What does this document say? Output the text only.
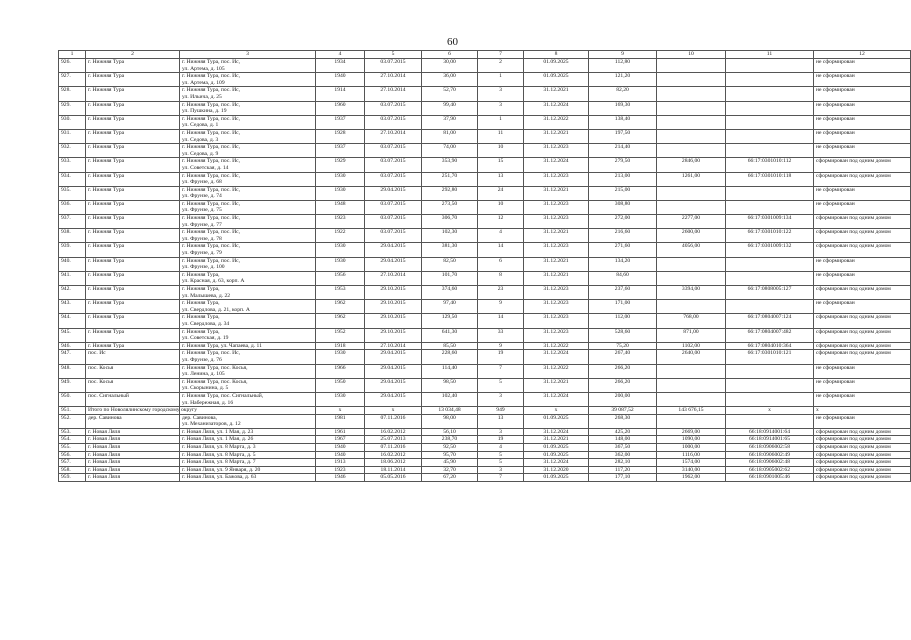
60
1	2	3	4	5	6	7	8	9	10	11	12
926.	г. Нижняя Тура	г. Нижняя Тура, пос. Ис,
ул. Артема, д. 105	1934	03.07.2015	30,00	2	01.09.2025	112,80			не сформирован
927.	г. Нижняя Тура	г. Нижняя Тура, пос. Ис,
ул. Артема, д. 109	1940	27.10.2014	36,00	1	01.09.2025	121,20			не сформирован
928.	г. Нижняя Тура	г. Нижняя Тура, пос. Ис,
ул. Ильича, д. 25	1914	27.10.2014	52,70	3	31.12.2021	82,20			не сформирован
929.	г. Нижняя Тура	г. Нижняя Тура, пос. Ис,
ул. Пушкина, д. 19	1960	03.07.2015	99,40	3	31.12.2024	169,30			не сформирован
930.	г. Нижняя Тура	г. Нижняя Тура, пос. Ис,
ул. Седова, д. 1	1937	03.07.2015	37,90	1	31.12.2022	138,40			не сформирован
931.	г. Нижняя Тура	г. Нижняя Тура, пос. Ис,
ул. Седова, д. 3	1928	27.10.2014	81,00	11	31.12.2021	197,50			не сформирован
932.	г. Нижняя Тура	г. Нижняя Тура, пос. Ис,
ул. Седова, д. 9	1937	03.07.2015	74,00	10	31.12.2023	214,40			не сформирован
933.	г. Нижняя Тура	г. Нижняя Тура, пос. Ис,
ул. Советская, д. 14	1929	03.07.2015	353,90	15	31.12.2024	279,50	2846,00	66:17:0301010:112	сформирован под одним домом
934.	г. Нижняя Тура	г. Нижняя Тура, пос. Ис,
ул. Фрунзе, д. 68	1930	03.07.2015	251,70	13	31.12.2023	213,00	1261,00	66:17:0301010:118	сформирован под одним домом
935.	г. Нижняя Тура	г. Нижняя Тура, пос. Ис,
ул. Фрунзе, д. 74	1930	29.04.2015	292,80	24	31.12.2021	215,00			не сформирован
936.	г. Нижняя Тура	г. Нижняя Тура, пос. Ис,
ул. Фрунзе, д. 75	1948	03.07.2015	273,50	10	31.12.2023	308,80			не сформирован
937.	г. Нижняя Тура	г. Нижняя Тура, пос. Ис,
ул. Фрунзе, д. 77	1923	03.07.2015	306,70	12	31.12.2023	272,00	2277,00	66:17:0301009:134	сформирован под одним домом
938.	г. Нижняя Тура	г. Нижняя Тура, пос. Ис,
ул. Фрунзе, д. 78	1922	03.07.2015	102,30	4	31.12.2021	216,60	2600,00	66:17:0301010:122	сформирован под одним домом
939.	г. Нижняя Тура	г. Нижняя Тура, пос. Ис,
ул. Фрунзе, д. 79	1930	29.04.2015	381,30	14	31.12.2023	271,60	4056,00	66:17:0301009:132	сформирован под одним домом
940.	г. Нижняя Тура	г. Нижняя Тура, пос. Ис,
ул. Фрунзе, д. 100	1930	29.04.2015	82,50	6	31.12.2021	134,20			не сформирован
941.	г. Нижняя Тура	г. Нижняя Тура,
ул. Красная, д. 63, корп. А	1956	27.10.2014	101,70	8	31.12.2021	84,60			не сформирован
942.	г. Нижняя Тура	г. Нижняя Тура,
ул. Малышева, д. 22	1953	29.10.2015	374,60	23	31.12.2023	237,60	3394,00	66:17:0808005:127	сформирован под одним домом
943.	г. Нижняя Тура	г. Нижняя Тура,
ул. Свердлова, д. 21, корп. А	1962	29.10.2015	97,40	9	31.12.2023	171,00			не сформирован
944.	г. Нижняя Тура	г. Нижняя Тура,
ул. Свердлова, д. 34	1962	29.10.2015	129,50	14	31.12.2023	112,00	768,00	66:17:0804007:124	сформирован под одним домом
945.	г. Нижняя Тура	г. Нижняя Тура,
ул. Советская, д. 19	1952	29.10.2015	641,30	33	31.12.2023	528,60	871,00	66:17:0804007:482	сформирован под одним домом
946.	г. Нижняя Тура	г. Нижняя Тура, ул. Чапаева, д. 11	1918	27.10.2014	85,50	9	31.12.2022	75,20	1102,00	66:17:0804010:364	сформирован под одним домом
947.	пос. Ис	г. Нижняя Тура, пос. Ис,
ул. Фрунзе, д. 76	1930	29.04.2015	228,60	19	31.12.2024	267,40	2640,00	66:17:0301010:121	сформирован под одним домом
948.	пос. Косья	г. Нижняя Тура, пос. Косья,
ул. Ленина, д. 105	1966	29.04.2015	114,40	7	31.12.2022	266,20			не сформирован
949.	пос. Косья	г. Нижняя Тура, пос. Косья,
ул. Скорынина, д. 5	1950	29.04.2015	98,50	5	31.12.2021	266,20			не сформирован
950.	пос. Сигнальный	г. Нижняя Тура, пос. Сигнальный,
ул. Набережная, д. 16	1930	29.04.2015	102,40	3	31.12.2024	200,00			не сформирован
951.	Итого по Новолялинскому городскому округу		x	x	13 034,48	949	x	39 087,52	143 676,15	x	x
952.	дер. Савинова	дер. Савинова,
ул. Механизаторов, д. 12	1981	07.11.2016	98,00	13	01.09.2025	268,30			не сформирован
953.	г. Новая Ляля	г. Новая Ляля, ул. 1 Мая, д. 23	1961	16.02.2012	56,10	3	31.12.2024	425,20	2669,00	66:18:0914001:64	сформирован под одним домом
954.	г. Новая Ляля	г. Новая Ляля, ул. 1 Мая, д. 26	1967	25.07.2013	238,70	19	31.12.2021	148,00	1090,00	66:18:0914001:65	сформирован под одним домом
955.	г. Новая Ляля	г. Новая Ляля, ул. 8 Марта, д. 3	1940	07.11.2016	92,50	4	01.09.2025	367,50	1000,00	66:18:0906002:58	сформирован под одним домом
956.	г. Новая Ляля	г. Новая Ляля, ул. 8 Марта, д. 5	1940	16.02.2012	95,70	5	01.09.2025	362,00	1116,00	66:18:0906002:49	сформирован под одним домом
957.	г. Новая Ляля	г. Новая Ляля, ул. 8 Марта, д. 7	1913	18.06.2012	45,90	5	31.12.2024	282,10	1574,00	66:18:0906002:48	сформирован под одним домом
958.	г. Новая Ляля	г. Новая Ляля, ул. 9 Января, д. 20	1923	18.11.2014	32,70	3	31.12.2020	117,20	3140,00	66:18:0905002:62	сформирован под одним домом
959.	г. Новая Ляля	г. Новая Ляля, ул. Бажова, д. 63	1946	05.05.2016	67,20	7	01.09.2025	177,10	1962,00	66:18:0901005:46	сформирован под одним домом
